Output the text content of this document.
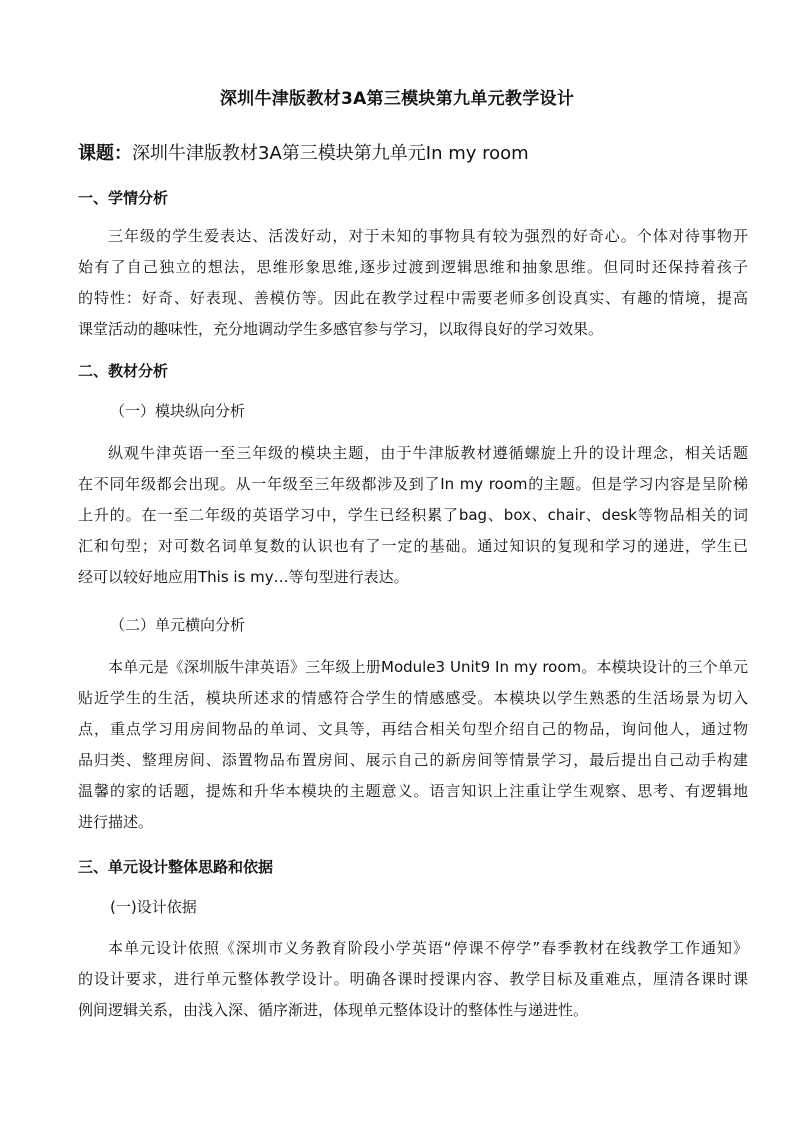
深圳牛津版教材3A第三模块第九单元教学设计
课题：深圳牛津版教材3A第三模块第九单元In my room
一、学情分析
三年级的学生爱表达、活泼好动，对于未知的事物具有较为强烈的好奇心。个体对待事物开
始有了自己独立的想法，思维形象思维,逐步过渡到逻辑思维和抽象思维。但同时还保持着孩子
的特性：好奇、好表现、善模仿等。因此在教学过程中需要老师多创设真实、有趣的情境，提高
课堂活动的趣味性，充分地调动学生多感官参与学习，以取得良好的学习效果。
二、教材分析
（一）模块纵向分析
纵观牛津英语一至三年级的模块主题，由于牛津版教材遵循螺旋上升的设计理念，相关话题
在不同年级都会出现。从一年级至三年级都涉及到了In my room的主题。但是学习内容是呈阶梯
上升的。在一至二年级的英语学习中，学生已经积累了bag、box、chair、desk等物品相关的词
汇和句型；对可数名词单复数的认识也有了一定的基础。通过知识的复现和学习的递进，学生已
经可以较好地应用This is my…等句型进行表达。
（二）单元横向分析
本单元是《深圳版牛津英语》三年级上册Module3 Unit9 In my room。本模块设计的三个单元
贴近学生的生活，模块所述求的情感符合学生的情感感受。本模块以学生熟悉的生活场景为切入
点，重点学习用房间物品的单词、文具等，再结合相关句型介绍自己的物品，询问他人，通过物
品归类、整理房间、添置物品布置房间、展示自己的新房间等情景学习，最后提出自己动手构建
温馨的家的话题，提炼和升华本模块的主题意义。语言知识上注重让学生观察、思考、有逻辑地
进行描述。
三、单元设计整体思路和依据
(一)设计依据
本单元设计依照《深圳市义务教育阶段小学英语“停课不停学”春季教材在线教学工作通知》
的设计要求，进行单元整体教学设计。明确各课时授课内容、教学目标及重难点，厘清各课时课
例间逻辑关系，由浅入深、循序渐进，体现单元整体设计的整体性与递进性。
